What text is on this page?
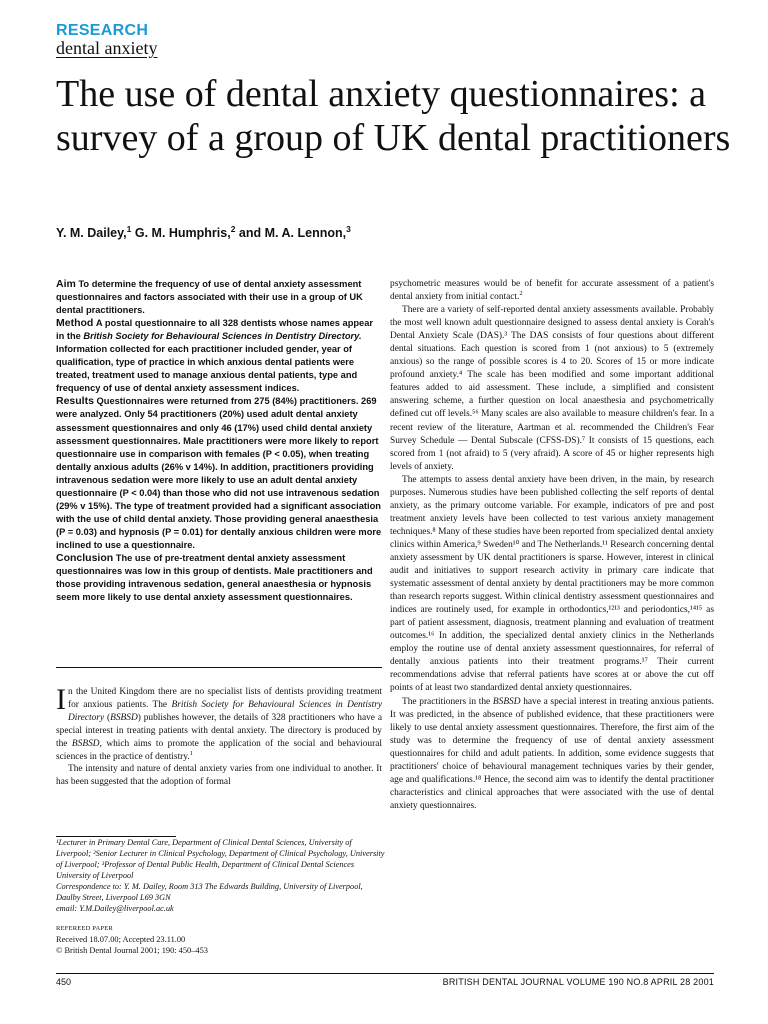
RESEARCH
dental anxiety
The use of dental anxiety questionnaires: a survey of a group of UK dental practitioners
Y. M. Dailey,$^1$ G. M. Humphris,$^2$ and M. A. Lennon,$^3$

Aim To determine the frequency of use of dental anxiety assessment questionnaires and factors associated with their use in a group of UK dental practitioners.

Method A postal questionnaire to all 328 dentists whose names appear in the British Society for Behavioural Sciences in Dentistry Directory. Information collected for each practitioner included gender, year of qualification, type of practice in which anxious dental patients were treated, treatment used to manage anxious dental patients, type and frequency of use of dental anxiety assessment indices.

Results Questionnaires were returned from 275 (84%) practitioners. 269 were analyzed. Only 54 practitioners (20%) used adult dental anxiety assessment questionnaires and only 46 (17%) used child dental anxiety assessment questionnaires. Male practitioners were more likely to report questionnaire use in comparison with females (P < 0.05), when treating dentally anxious adults (26% v 14%). In addition, practitioners providing intravenous sedation were more likely to use an adult dental anxiety questionnaire (P < 0.04) than those who did not use intravenous sedation (29% v 15%). The type of treatment provided had a significant association with the use of child dental anxiety. Those providing general anaesthesia (P = 0.03) and hypnosis (P = 0.01) for dentally anxious children were more inclined to use a questionnaire.

Conclusion The use of pre-treatment dental anxiety assessment questionnaires was low in this group of dentists. Male practitioners and those providing intravenous sedation, general anaesthesia or hypnosis seem more likely to use dental anxiety assessment questionnaires.

In the United Kingdom there are no specialist lists of dentists providing treatment for anxious patients. The British Society for Behavioural Sciences in Dentistry Directory (BSBSD) publishes however, the details of 328 practitioners who have a special interest in treating patients with dental anxiety. The directory is produced by the BSBSD, which aims to promote the application of the social and behavioural sciences in the practice of dentistry.$^1$

The intensity and nature of dental anxiety varies from one individual to another. It has been suggested that the adoption of formal

¹Lecturer in Primary Dental Care, Department of Clinical Dental Sciences, University of Liverpool; ²Senior Lecturer in Clinical Psychology, Department of Clinical Psychology, University of Liverpool; ³Professor of Dental Public Health, Department of Clinical Dental Sciences University of Liverpool

Correspondence to: Y. M. Dailey, Room 313 The Edwards Building, University of Liverpool, Daulby Street, Liverpool L69 3GN

email: Y.M.Dailey@liverpool.ac.uk

REFEREED PAPER
Received 18.07.00; Accepted 23.11.00
© British Dental Journal 2001; 190: 450–453

psychometric measures would be of benefit for accurate assessment of a patient's dental anxiety from initial contact.$^2$

There are a variety of self-reported dental anxiety assessments available. Probably the most well known adult questionnaire designed to assess dental anxiety is Corah's Dental Anxiety Scale (DAS).³ The DAS consists of four questions about different dental situations. Each question is scored from 1 (not anxious) to 5 (extremely anxious) so the range of possible scores is 4 to 20. Scores of 15 or more indicate profound anxiety.⁴ The scale has been modified and some important additional features added to aid assessment. These include, a simplified and consistent answering scheme, a further question on local anaesthesia and psychometrically defined cut off levels.⁵⁶ Many scales are also available to measure children's fear. In a recent review of the literature, Aartman et al. recommended the Children's Fear Survey Schedule — Dental Subscale (CFSS-DS).⁷ It consists of 15 questions, each scored from 1 (not afraid) to 5 (very afraid). A score of 45 or higher represents high levels of anxiety.

The attempts to assess dental anxiety have been driven, in the main, by research purposes. Numerous studies have been published collecting the self reports of dental anxiety, as the primary outcome variable. For example, indicators of pre and post treatment anxiety levels have been collected to test various anxiety management techniques.⁸ Many of these studies have been reported from specialized dental anxiety clinics within America,⁹ Sweden¹⁰ and The Netherlands.¹¹ Research concerning dental anxiety assessment by UK dental practitioners is sparse. However, interest in clinical audit and initiatives to support research activity in primary care indicate that systematic assessment of dental anxiety by dental practitioners may be more common than research reports suggest. Within clinical dentistry assessment questionnaires and indices are routinely used, for example in orthodontics,¹²¹³ and periodontics,¹⁴¹⁵ as part of patient assessment, diagnosis, treatment planning and evaluation of treatment outcomes.¹⁶ In addition, the specialized dental anxiety clinics in the Netherlands employ the routine use of dental anxiety assessment questionnaires, for referral of dentally anxious patients into their treatment programs.¹⁷ Their current recommendations advise that referral patients have scores at or above the cut off points of at least two standardized dental anxiety questionnaires.

The practitioners in the BSBSD have a special interest in treating anxious patients. It was predicted, in the absence of published evidence, that these practitioners were likely to use dental anxiety assessment questionnaires. Therefore, the first aim of the study was to determine the frequency of use of dental anxiety assessment questionnaires for child and adult patients. In addition, some evidence suggests that practitioners' choice of behavioural management techniques varies by their gender, age and qualifications.¹⁸ Hence, the second aim was to identify the dental practitioner characteristics and clinical approaches that were associated with the use of dental anxiety questionnaires.

450	BRITISH DENTAL JOURNAL VOLUME 190 NO.8 APRIL 28 2001
